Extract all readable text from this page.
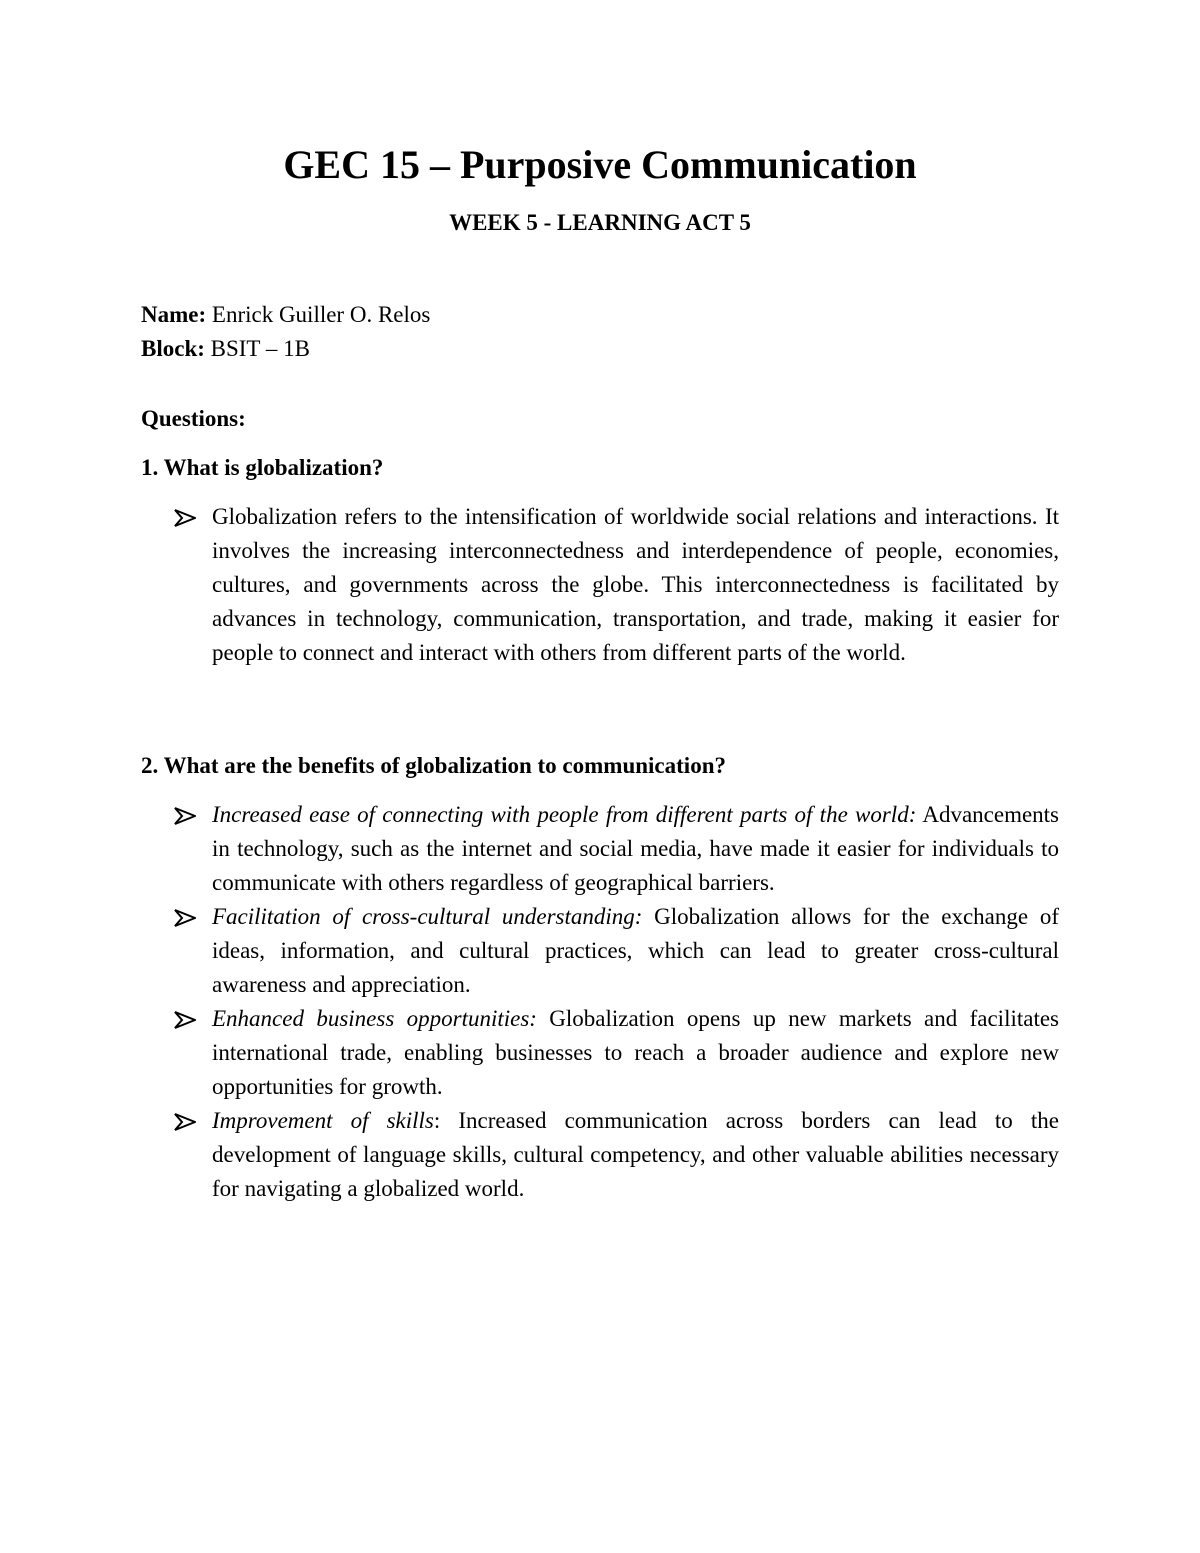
GEC 15 – Purposive Communication
WEEK 5 - LEARNING ACT 5
Name: Enrick Guiller O. Relos
Block: BSIT – 1B
Questions:
1. What is globalization?
Globalization refers to the intensification of worldwide social relations and interactions. It involves the increasing interconnectedness and interdependence of people, economies, cultures, and governments across the globe. This interconnectedness is facilitated by advances in technology, communication, transportation, and trade, making it easier for people to connect and interact with others from different parts of the world.
2. What are the benefits of globalization to communication?
Increased ease of connecting with people from different parts of the world: Advancements in technology, such as the internet and social media, have made it easier for individuals to communicate with others regardless of geographical barriers.
Facilitation of cross-cultural understanding: Globalization allows for the exchange of ideas, information, and cultural practices, which can lead to greater cross-cultural awareness and appreciation.
Enhanced business opportunities: Globalization opens up new markets and facilitates international trade, enabling businesses to reach a broader audience and explore new opportunities for growth.
Improvement of skills: Increased communication across borders can lead to the development of language skills, cultural competency, and other valuable abilities necessary for navigating a globalized world.
